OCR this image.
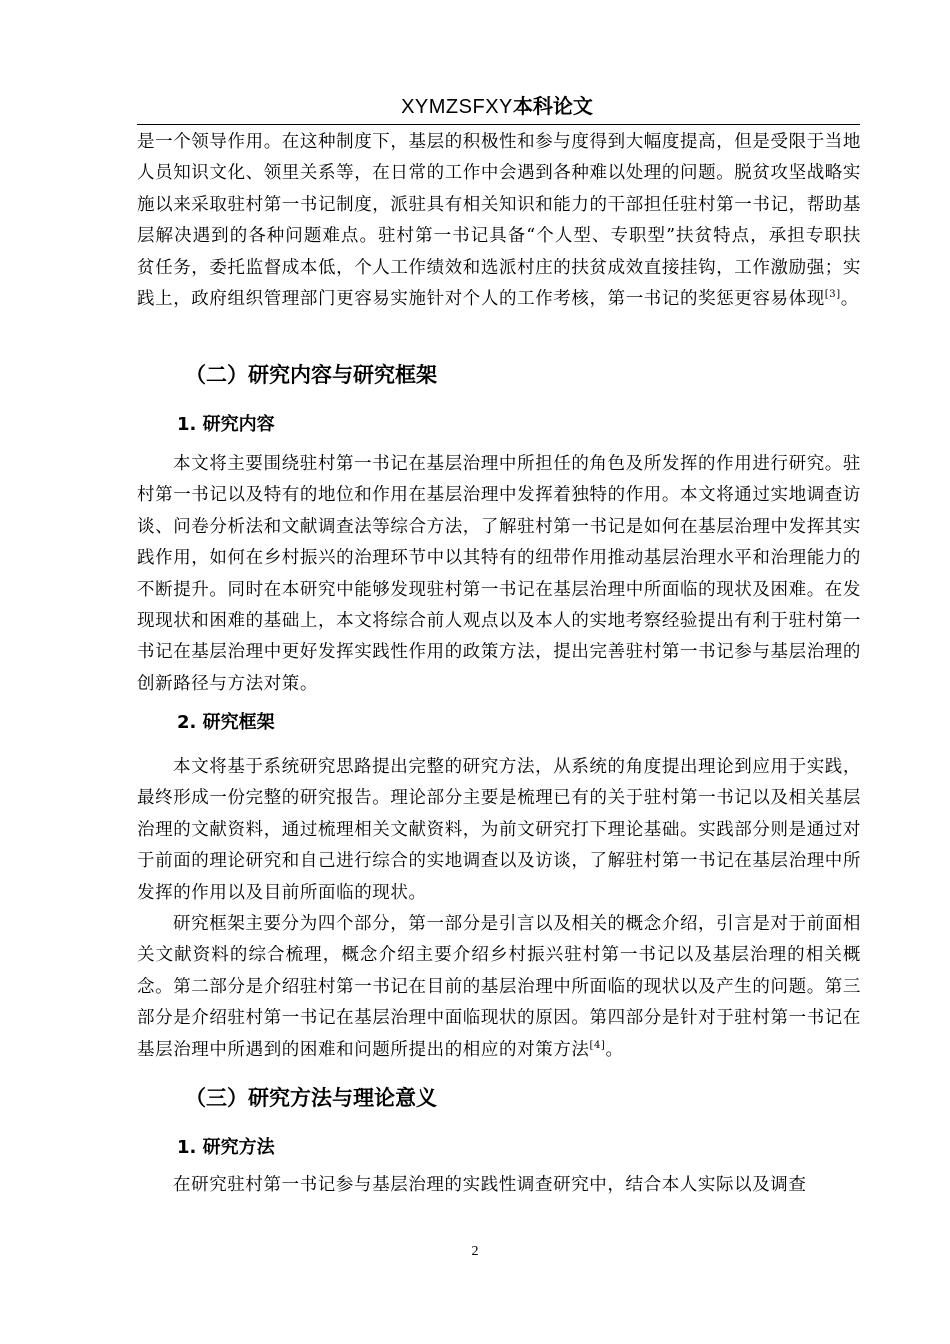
XYMZSFXY本科论文

是一个领导作用。在这种制度下，基层的积极性和参与度得到大幅度提高，但是受限于当地人员知识文化、领里关系等，在日常的工作中会遇到各种难以处理的问题。脱贫攻坚战略实施以来采取驻村第一书记制度，派驻具有相关知识和能力的干部担任驻村第一书记，帮助基层解决遇到的各种问题难点。驻村第一书记具备“个人型、专职型”扶贫特点，承担专职扶贫任务，委托监督成本低，个人工作绩效和选派村庄的扶贫成效直接挂钩，工作激励强；实践上，政府组织管理部门更容易实施针对个人的工作考核，第一书记的奖惩更容易体现[3]。

（二）研究内容与研究框架
1. 研究内容

本文将主要围绕驻村第一书记在基层治理中所担任的角色及所发挥的作用进行研究。驻村第一书记以及特有的地位和作用在基层治理中发挥着独特的作用。本文将通过实地调查访谈、问卷分析法和文献调查法等综合方法，了解驻村第一书记是如何在基层治理中发挥其实践作用，如何在乡村振兴的治理环节中以其特有的纽带作用推动基层治理水平和治理能力的不断提升。同时在本研究中能够发现驻村第一书记在基层治理中所面临的现状及困难。在发现现状和困难的基础上，本文将综合前人观点以及本人的实地考察经验提出有利于驻村第一书记在基层治理中更好发挥实践性作用的政策方法，提出完善驻村第一书记参与基层治理的创新路径与方法对策。

2. 研究框架

本文将基于系统研究思路提出完整的研究方法，从系统的角度提出理论到应用于实践，最终形成一份完整的研究报告。理论部分主要是梳理已有的关于驻村第一书记以及相关基层治理的文献资料，通过梳理相关文献资料，为前文研究打下理论基础。实践部分则是通过对于前面的理论研究和自己进行综合的实地调查以及访谈，了解驻村第一书记在基层治理中所发挥的作用以及目前所面临的现状。

研究框架主要分为四个部分，第一部分是引言以及相关的概念介绍，引言是对于前面相关文献资料的综合梳理，概念介绍主要介绍乡村振兴驻村第一书记以及基层治理的相关概念。第二部分是介绍驻村第一书记在目前的基层治理中所面临的现状以及产生的问题。第三部分是介绍驻村第一书记在基层治理中面临现状的原因。第四部分是针对于驻村第一书记在基层治理中所遇到的困难和问题所提出的相应的对策方法[4]。

（三）研究方法与理论意义
1. 研究方法

在研究驻村第一书记参与基层治理的实践性调查研究中，结合本人实际以及调查

2
